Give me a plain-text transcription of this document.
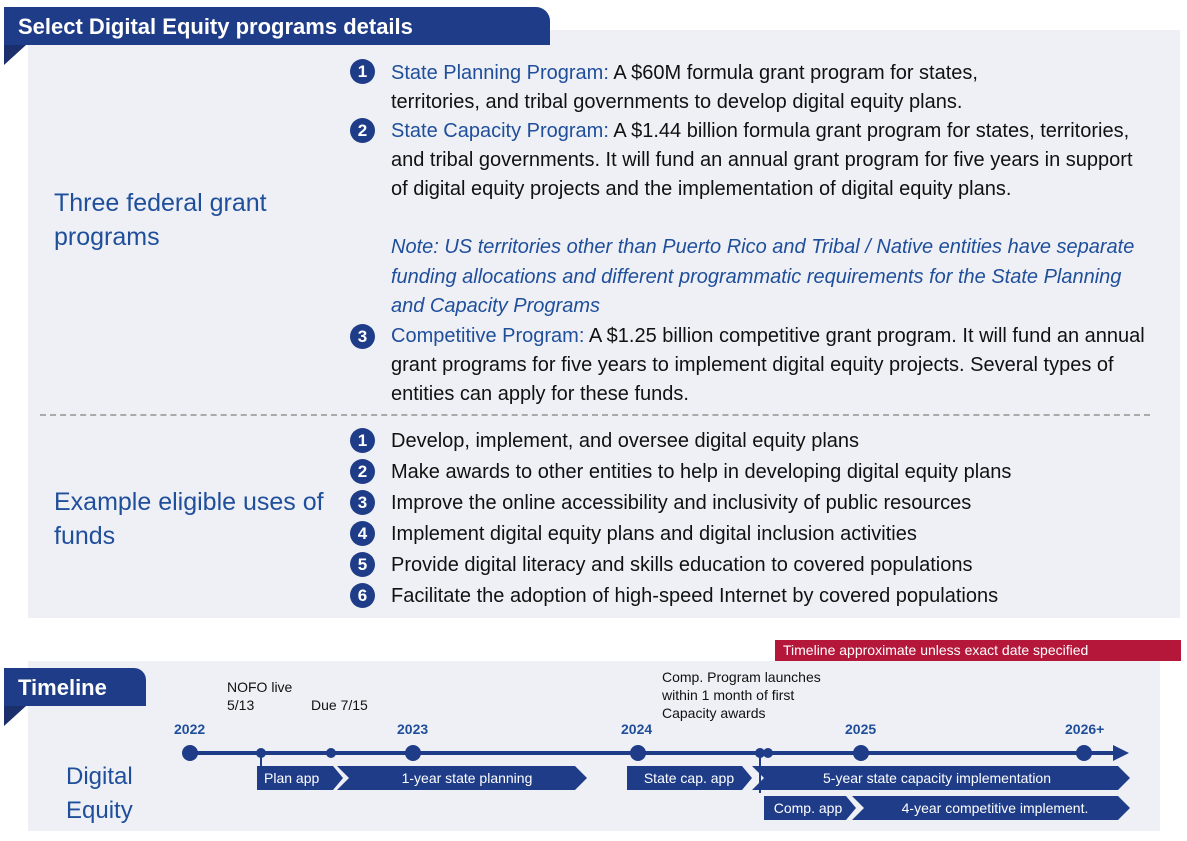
Select Digital Equity programs details
Three federal grant programs
1	State Planning Program: A $60M formula grant program for states, territories, and tribal governments to develop digital equity plans.
2	State Capacity Program: A $1.44 billion formula grant program for states, territories, and tribal governments. It will fund an annual grant program for five years in support of digital equity projects and the implementation of digital equity plans.
Note: US territories other than Puerto Rico and Tribal / Native entities have separate funding allocations and different programmatic requirements for the State Planning and Capacity Programs
3	Competitive Program: A $1.25 billion competitive grant program. It will fund an annual grant programs for five years to implement digital equity projects. Several types of entities can apply for these funds.
Example eligible uses of funds
1	Develop, implement, and oversee digital equity plans
2	Make awards to other entities to help in developing digital equity plans
3	Improve the online accessibility and inclusivity of public resources
4	Implement digital equity plans and digital inclusion activities
5	Provide digital literacy and skills education to covered populations
6	Facilitate the adoption of high-speed Internet by covered populations
Timeline approximate unless exact date specified
Timeline
2022	2023	2024	2025	2026+
NOFO live 5/13	Due 7/15
Comp. Program launches within 1 month of first Capacity awards
Digital Equity
Plan app	1-year state planning	State cap. app	5-year state capacity implementation
Comp. app	4-year competitive implement.
